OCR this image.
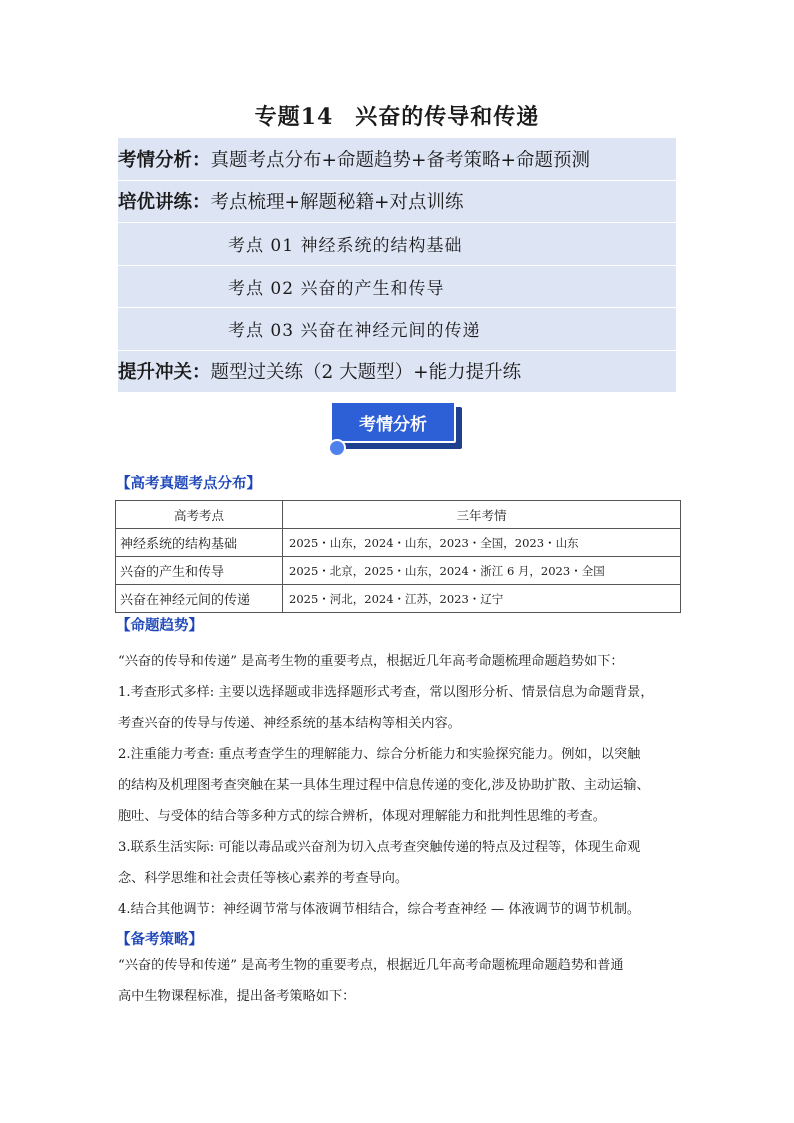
专题14 兴奋的传导和传递
考情分析： 真题考点分布+命题趋势+备考策略+命题预测
培优讲练： 考点梳理+解题秘籍+对点训练
考点 01 神经系统的结构基础
考点 02 兴奋的产生和传导
考点 03 兴奋在神经元间的传递
提升冲关： 题型过关练（2 大题型）+能力提升练
考情分析
【高考真题考点分布】
高考考点	三年考情
神经系统的结构基础	2025・山东，2024・山东，2023・全国，2023・山东
兴奋的产生和传导	2025・北京，2025・山东，2024・浙江 6 月，2023・全国
兴奋在神经元间的传递	2025・河北，2024・江苏，2023・辽宁
【命题趋势】
“兴奋的传导和传递” 是高考生物的重要考点，根据近几年高考命题梳理命题趋势如下：
1.考查形式多样: 主要以选择题或非选择题形式考查，常以图形分析、情景信息为命题背景，
考查兴奋的传导与传递、神经系统的基本结构等相关内容。
2.注重能力考查: 重点考查学生的理解能力、综合分析能力和实验探究能力。例如，以突触
的结构及机理图考查突触在某一具体生理过程中信息传递的变化,涉及协助扩散、主动运输、
胞吐、与受体的结合等多种方式的综合辨析，体现对理解能力和批判性思维的考查。
3.联系生活实际: 可能以毒品或兴奋剂为切入点考查突触传递的特点及过程等，体现生命观
念、科学思维和社会责任等核心素养的考查导向。
4.结合其他调节：神经调节常与体液调节相结合，综合考查神经 — 体液调节的调节机制。
【备考策略】
“兴奋的传导和传递” 是高考生物的重要考点，根据近几年高考命题梳理命题趋势和普通
高中生物课程标准，提出备考策略如下：
